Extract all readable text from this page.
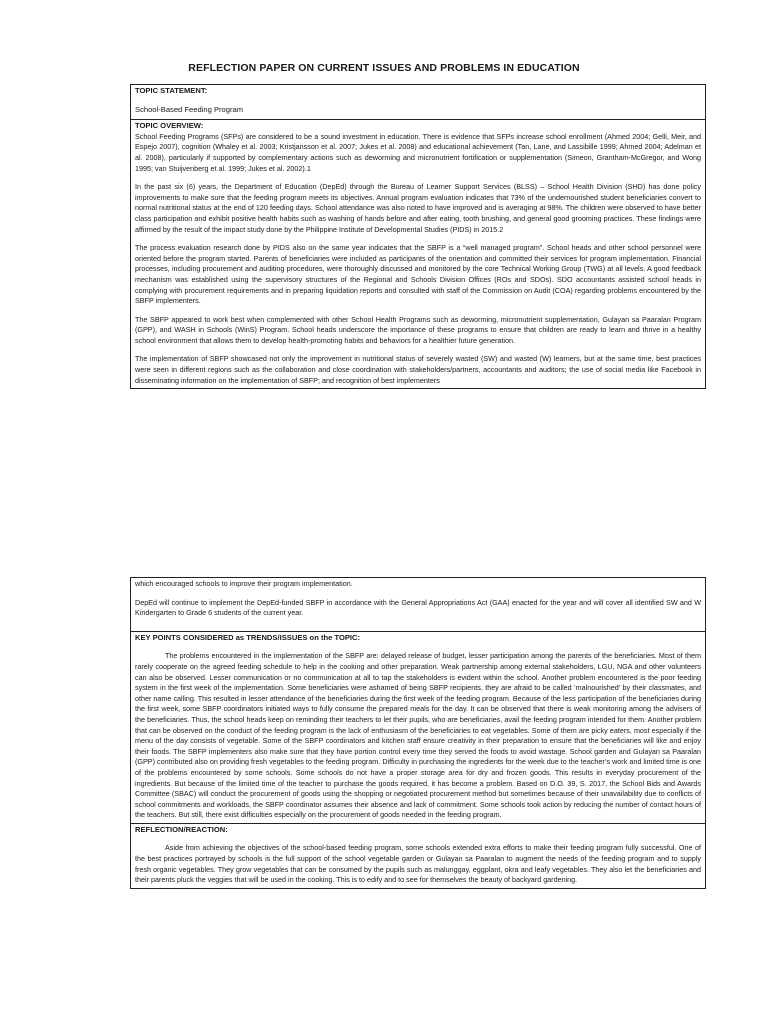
REFLECTION PAPER ON CURRENT ISSUES AND PROBLEMS IN EDUCATION
TOPIC STATEMENT:
School-Based Feeding Program
TOPIC OVERVIEW:

School Feeding Programs (SFPs) are considered to be a sound investment in education. There is evidence that SFPs increase school enrollment (Ahmed 2004; Gelli, Meir, and Espejo 2007), cognition (Whaley et al. 2003; Kristjansson et al. 2007; Jukes et al. 2008) and educational achievement (Tan, Lane, and Lassibille 1999; Ahmed 2004; Adelman et al. 2008), particularly if supported by complementary actions such as deworming and micronutrient fortification or supplementation (Simeon, Grantham-McGregor, and Wong 1995; van Stuijvenberg et al. 1999; Jukes et al. 2002).1

In the past six (6) years, the Department of Education (DepEd) through the Bureau of Learner Support Services (BLSS) – School Health Division (SHD) has done policy improvements to make sure that the feeding program meets its objectives. Annual program evaluation indicates that 73% of the undernourished student beneficiaries convert to normal nutritional status at the end of 120 feeding days. School attendance was also noted to have improved and is averaging at 98%. The children were observed to have better class participation and exhibit positive health habits such as washing of hands before and after eating, tooth brushing, and general good grooming practices. These findings were affirmed by the result of the impact study done by the Philippine Institute of Developmental Studies (PIDS) in 2015.2

The process evaluation research done by PIDS also on the same year indicates that the SBFP is a “well managed program”. School heads and other school personnel were oriented before the program started. Parents of beneficiaries were included as participants of the orientation and committed their services for program implementation. Financial processes, including procurement and auditing procedures, were thoroughly discussed and monitored by the core Technical Working Group (TWG) at all levels. A good feedback mechanism was established using the supervisory structures of the Regional and Schools Division Offices (ROs and SDOs). SDO accountants assisted school heads in complying with procurement requirements and in preparing liquidation reports and consulted with staff of the Commission on Audit (COA) regarding problems encountered by the SBFP implementers.

The SBFP appeared to work best when complemented with other School Health Programs such as deworming, micronutrient supplementation, Gulayan sa Paaralan Program (GPP), and WASH in Schools (WinS) Program. School heads underscore the importance of these programs to ensure that children are ready to learn and thrive in a healthy school environment that allows them to develop health-promoting habits and behaviors for a healthier future generation.

The implementation of SBFP showcased not only the improvement in nutritional status of severely wasted (SW) and wasted (W) learners, but at the same time, best practices were seen in different regions such as the collaboration and close coordination with stakeholders/partners, accountants and auditors; the use of social media like Facebook in disseminating information on the implementation of SBFP; and recognition of best implementers

which encouraged schools to improve their program implementation.

DepEd will continue to implement the DepEd-funded SBFP in accordance with the General Appropriations Act (GAA) enacted for the year and will cover all identified SW and W Kindergarten to Grade 6 students of the current year.

KEY POINTS CONSIDERED as TRENDS/ISSUES on the TOPIC:

The problems encountered in the implementation of the SBFP are: delayed release of budget, lesser participation among the parents of the beneficiaries. Most of them rarely cooperate on the agreed feeding schedule to help in the cooking and other preparation. Weak partnership among external stakeholders, LGU, NGA and other volunteers can also be observed. Lesser communication or no communication at all to tap the stakeholders is evident within the school. Another problem encountered is the poor feeding system in the first week of the implementation. Some beneficiaries were ashamed of being SBFP recipients, they are afraid to be called ‘malnourished’ by their classmates, and other name calling. This resulted in lesser attendance of the beneficiaries during the first week of the feeding program. Because of the less participation of the beneficiaries during the first week, some SBFP coordinators initiated ways to fully consume the prepared meals for the day. It can be observed that there is weak monitoring among the advisers of the beneficiaries. Thus, the school heads keep on reminding their teachers to let their pupils, who are beneficiaries, avail the feeding program intended for them. Another problem that can be observed on the conduct of the feeding program is the lack of enthusiasm of the beneficiaries to eat vegetables. Some of them are picky eaters, most especially if the menu of the day consists of vegetable. Some of the SBFP coordinators and kitchen staff ensure creativity in their preparation to ensure that the beneficiaries will like and enjoy their foods. The SBFP implementers also make sure that they have portion control every time they served the foods to avoid wastage. School garden and Gulayan sa Paaralan (GPP) contributed also on providing fresh vegetables to the feeding program. Difficulty in purchasing the ingredients for the week due to the teacher’s work and limited time is one of the problems encountered by some schools. Some schools do not have a proper storage area for dry and frozen goods. This results in everyday procurement of the ingredients. But because of the limited time of the teacher to purchase the goods required, it has become a problem. Based on D.O. 39, S. 2017, the School Bids and Awards Committee (SBAC) will conduct the procurement of goods using the shopping or negotiated procurement method but sometimes because of their unavailability due to conflicts of school commitments and workloads, the SBFP coordinator assumes their absence and lack of commitment. Some schools took action by reducing the number of contact hours of the teachers. But still, there exist difficulties especially on the procurement of goods needed in the feeding program.

REFLECTION/REACTION:

Aside from achieving the objectives of the school-based feeding program, some schools extended extra efforts to make their feeding program fully successful. One of the best practices portrayed by schools is the full support of the school vegetable garden or Gulayan sa Paaralan to augment the needs of the feeding program and to supply fresh organic vegetables. They grow vegetables that can be consumed by the pupils such as malunggay, eggplant, okra and leafy vegetables. They also let the beneficiaries and their parents pluck the veggies that will be used in the cooking. This is to edify and to see for themselves the beauty of backyard gardening.
